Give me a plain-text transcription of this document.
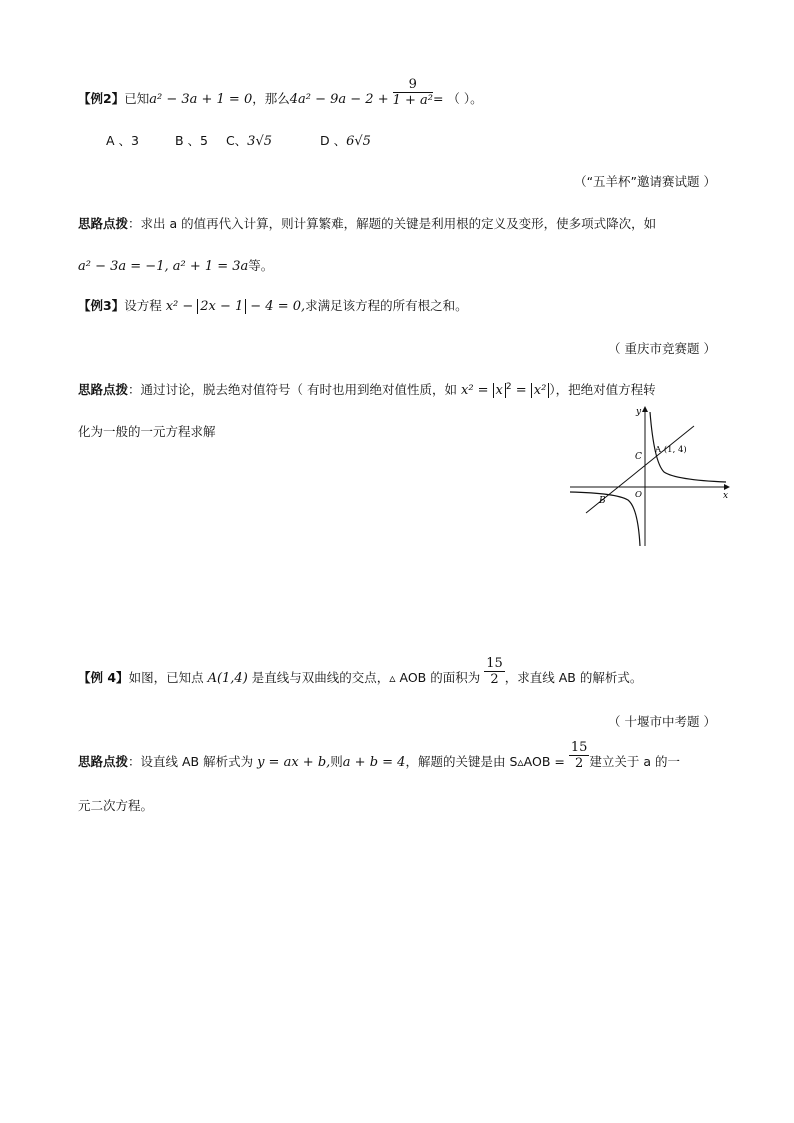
【例2】已知a² − 3a + 1 = 0，那么$4a^2 - 9a - 2 + \frac{9}{\text{1 + a²}}$ = （ ）。
A 、3	B 、5 C、3√5	D 、6√5
（“五羊杯”邀请赛试题 ）
思路点拨：求出 a 的值再代入计算，则计算繁难，解题的关键是利用根的定义及变形，使多项式降次，如
a² − 3a = −1, a² + 1 = 3a等。
【例3】设方程 x² − 2x − 1 − 4 = 0,求满足该方程的所有根之和。
（ 重庆市竞赛题 ）
思路点拨：通过讨论，脱去绝对值符号（ 有时也用到绝对值性质，如 x² = x $^2$ = x² ），把绝对值方程转
化为一般的一元方程求解
y
x
A (1, 4)
C
O
B
【例 4】如图，已知点 A(1,4) 是直线与双曲线的交点，▵ AOB 的面积为 $\frac{15}{2}$ ，求直线 AB 的解析式。
（ 十堰市中考题 ）
思路点拨：设直线 AB 解析式为 y = ax + b,则a + b = 4，解题的关键是由 S▵AOB = $\frac{15}{2}$ 建立关于 a 的一
元二次方程。
